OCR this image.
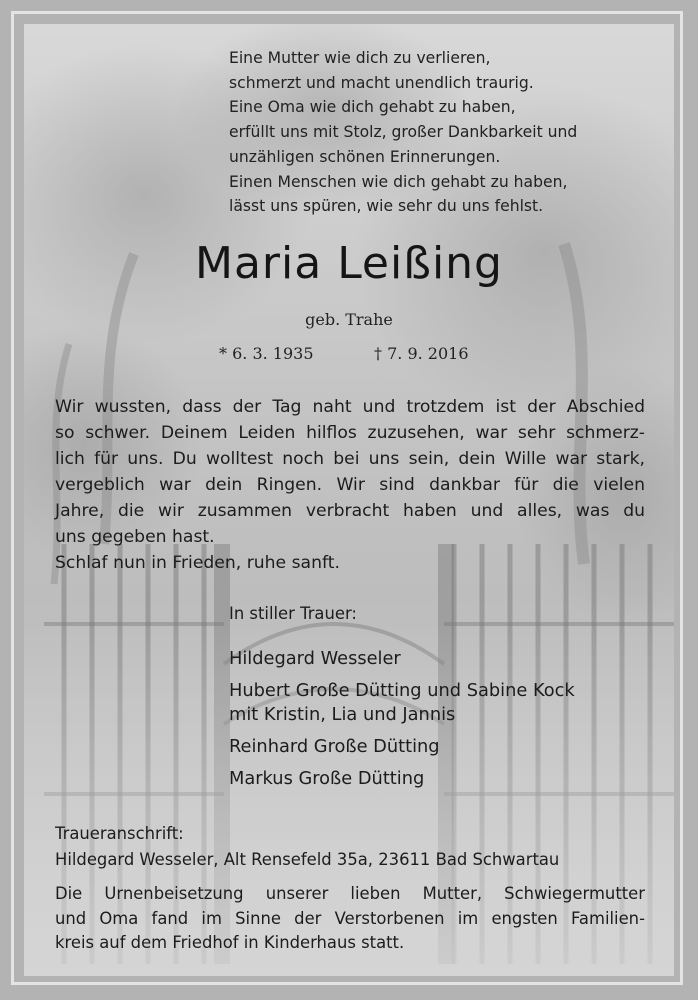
Eine Mutter wie dich zu verlieren,
schmerzt und macht unendlich traurig.
Eine Oma wie dich gehabt zu haben,
erfüllt uns mit Stolz, großer Dankbarkeit und
unzähligen schönen Erinnerungen.
Einen Menschen wie dich gehabt zu haben,
lässt uns spüren, wie sehr du uns fehlst.
Maria Leißing
geb. Trahe
* 6. 3. 1935	† 7. 9. 2016
Wir wussten, dass der Tag naht und trotzdem ist der Abschied
so schwer. Deinem Leiden hilflos zuzusehen, war sehr schmerz-
lich für uns. Du wolltest noch bei uns sein, dein Wille war stark,
vergeblich war dein Ringen. Wir sind dankbar für die vielen
Jahre, die wir zusammen verbracht haben und alles, was du
uns gegeben hast.
Schlaf nun in Frieden, ruhe sanft.
In stiller Trauer:
Hildegard Wesseler
Hubert Große Dütting und Sabine Kock
mit Kristin, Lia und Jannis
Reinhard Große Dütting
Markus Große Dütting
Traueranschrift:
Hildegard Wesseler, Alt Rensefeld 35a, 23611 Bad Schwartau
Die Urnenbeisetzung unserer lieben Mutter, Schwiegermutter
und Oma fand im Sinne der Verstorbenen im engsten Familien-
kreis auf dem Friedhof in Kinderhaus statt.
